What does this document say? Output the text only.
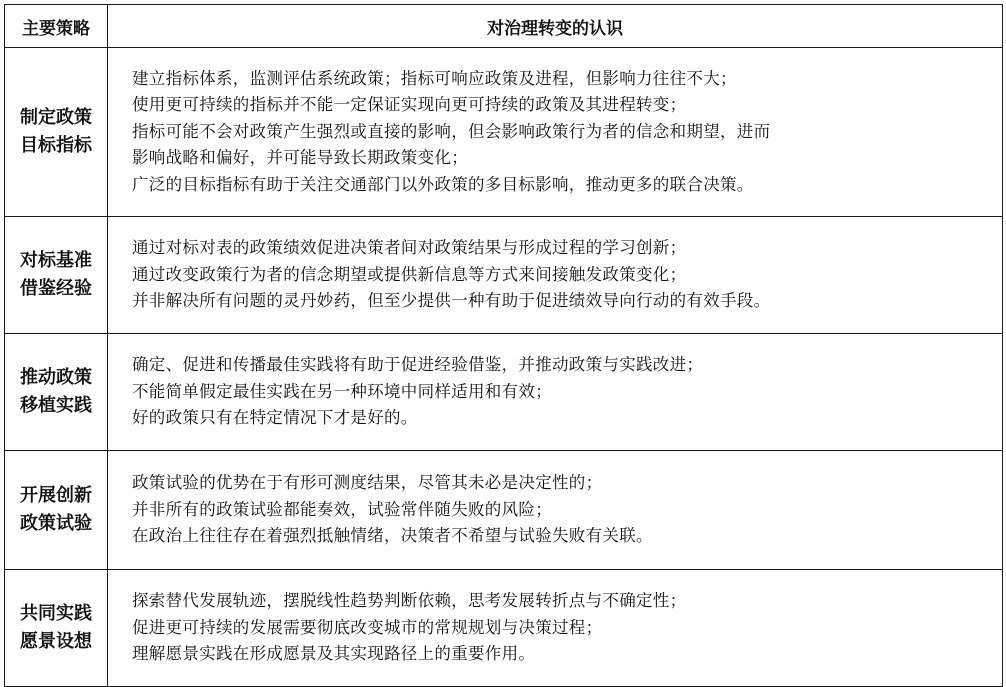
主要策略	对治理转变的认识

制定政策
目标指标	建立指标体系，监测评估系统政策；指标可响应政策及进程，但影响力往往不大；
使用更可持续的指标并不能一定保证实现向更可持续的政策及其进程转变；
指标可能不会对政策产生强烈或直接的影响，但会影响政策行为者的信念和期望，进而
影响战略和偏好，并可能导致长期政策变化；
广泛的目标指标有助于关注交通部门以外政策的多目标影响，推动更多的联合决策。

对标基准
借鉴经验	通过对标对表的政策绩效促进决策者间对政策结果与形成过程的学习创新；
通过改变政策行为者的信念期望或提供新信息等方式来间接触发政策变化；
并非解决所有问题的灵丹妙药，但至少提供一种有助于促进绩效导向行动的有效手段。

推动政策
移植实践	确定、促进和传播最佳实践将有助于促进经验借鉴，并推动政策与实践改进；
不能简单假定最佳实践在另一种环境中同样适用和有效；
好的政策只有在特定情况下才是好的。

开展创新
政策试验	政策试验的优势在于有形可测度结果，尽管其未必是决定性的；
并非所有的政策试验都能奏效，试验常伴随失败的风险；
在政治上往往存在着强烈抵触情绪，决策者不希望与试验失败有关联。

共同实践
愿景设想	探索替代发展轨迹，摆脱线性趋势判断依赖，思考发展转折点与不确定性；
促进更可持续的发展需要彻底改变城市的常规规划与决策过程；
理解愿景实践在形成愿景及其实现路径上的重要作用。
